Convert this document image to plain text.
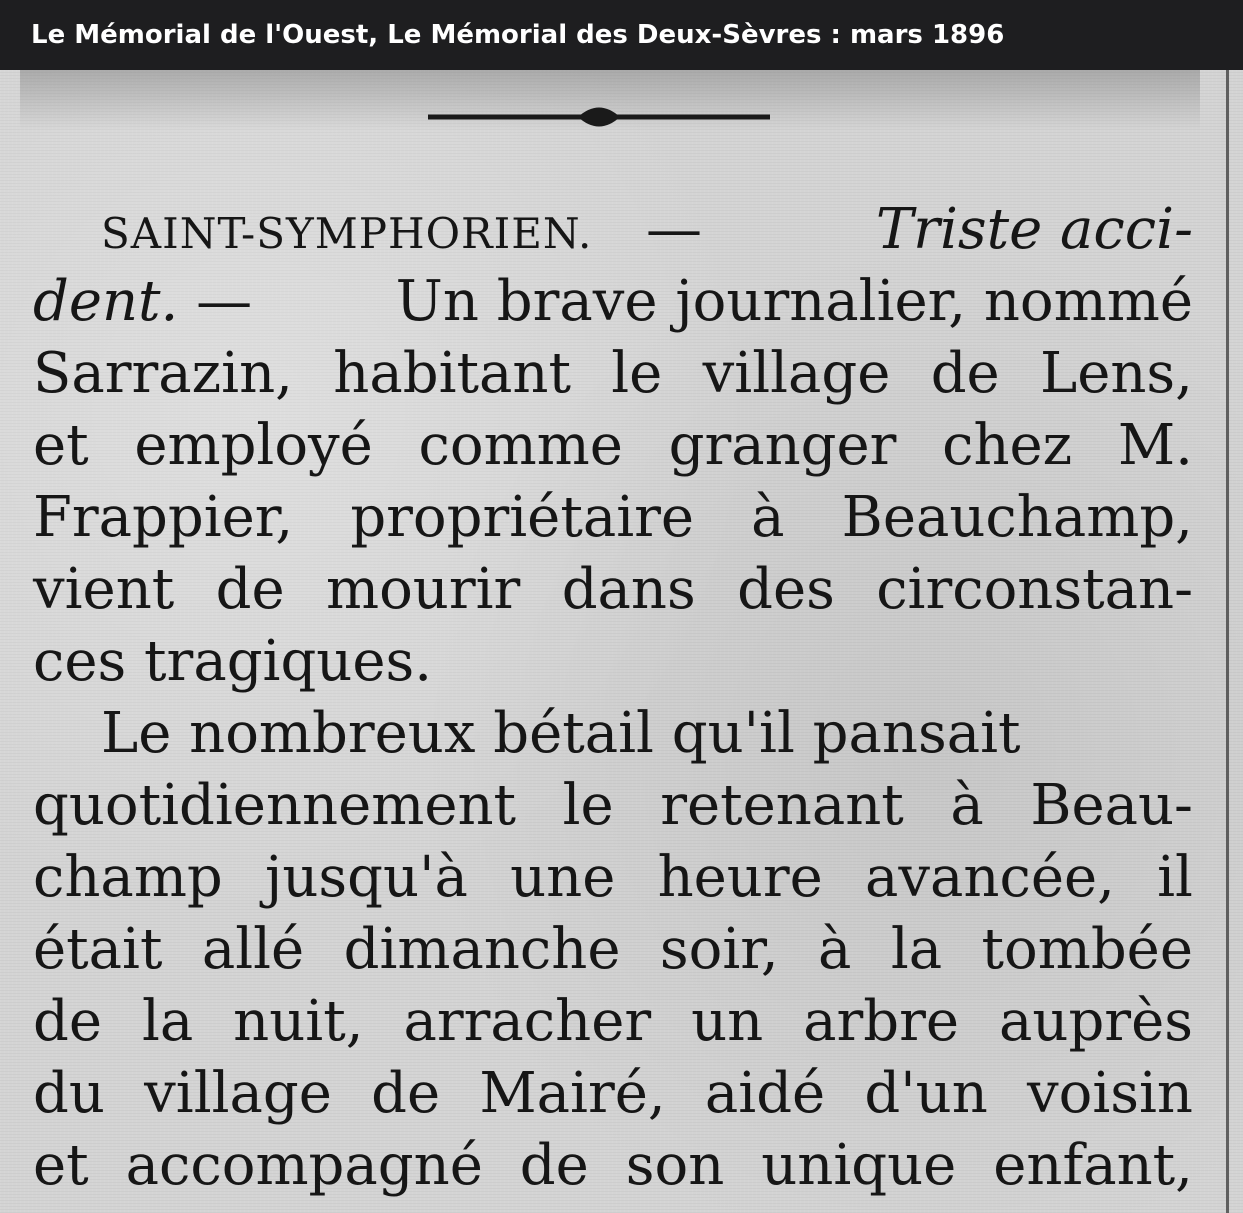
Le Mémorial de l'Ouest, Le Mémorial des Deux-Sèvres : mars 1896
SAINT-SYMPHORIEN. —	Triste acci-
dent. —	Un brave journalier, nommé
Sarrazin, habitant le village de Lens,
et employé comme granger chez M.
Frappier, propriétaire à Beauchamp,
vient de mourir dans des circonstan-
ces tragiques.
Le nombreux bétail qu'il pansait
quotidiennement le retenant à Beau-
champ jusqu'à une heure avancée, il
était allé dimanche soir, à la tombée
de la nuit, arracher un arbre auprès
du village de Mairé, aidé d'un voisin
et accompagné de son unique enfant,
